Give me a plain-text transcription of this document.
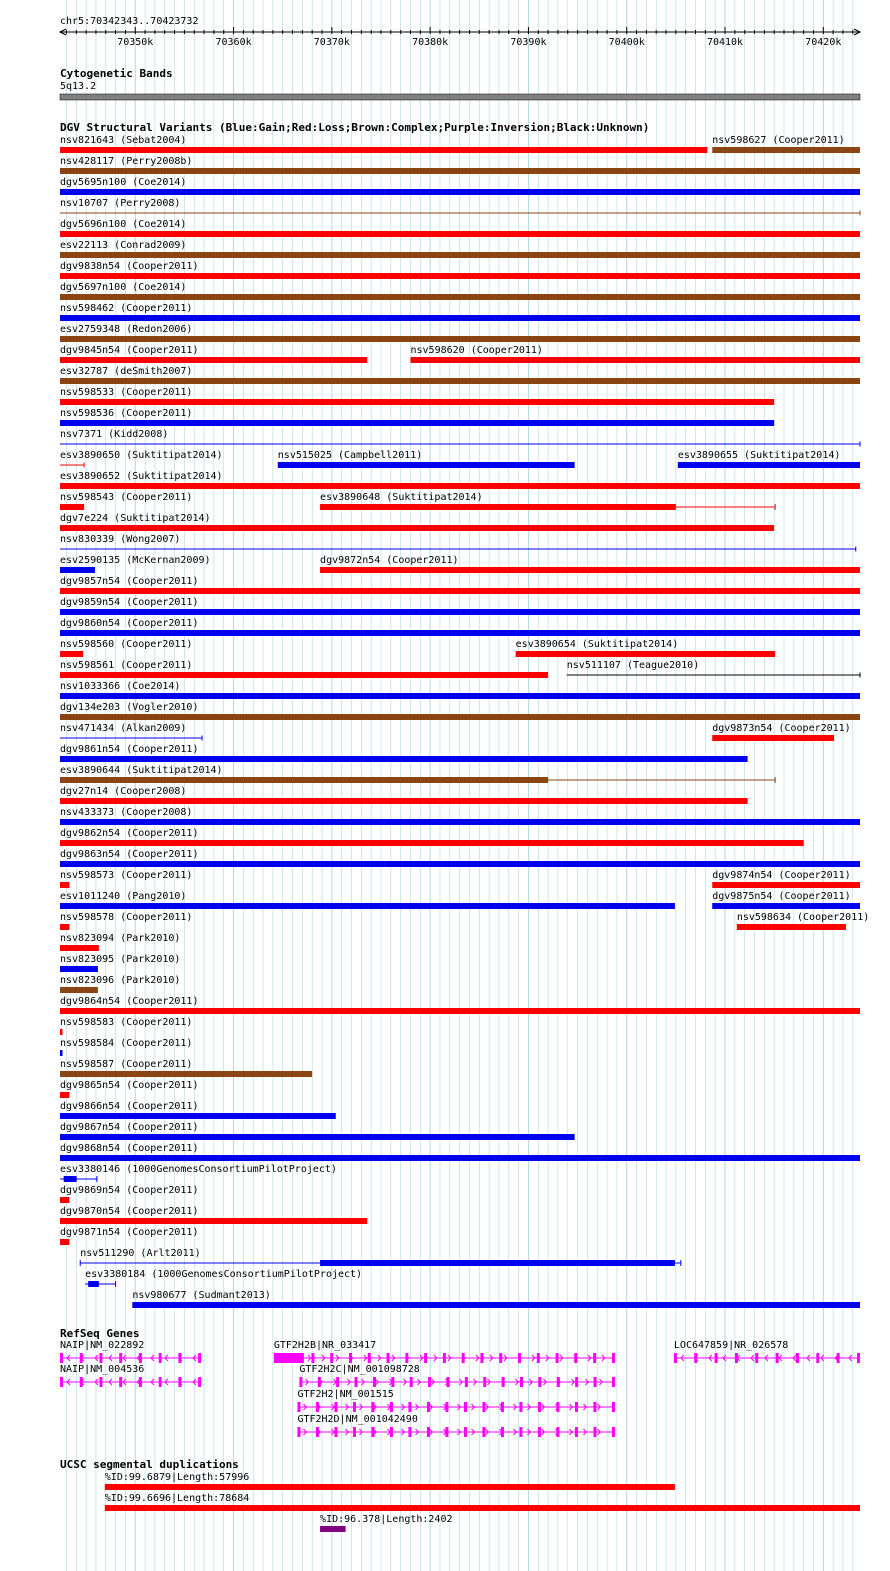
chr5:70342343..70423732
70350k	70360k	70370k	70380k	70390k	70400k	70410k	70420k
Cytogenetic Bands
5q13.2
DGV Structural Variants (Blue:Gain;Red:Loss;Brown:Complex;Purple:Inversion;Black:Unknown)
nsv821643 (Sebat2004)	nsv598627 (Cooper2011)
nsv428117 (Perry2008b)
dgv5695n100 (Coe2014)
nsv10707 (Perry2008)
dgv5696n100 (Coe2014)
esv22113 (Conrad2009)
dgv9838n54 (Cooper2011)
dgv5697n100 (Coe2014)
nsv598462 (Cooper2011)
esv2759348 (Redon2006)
dgv9845n54 (Cooper2011)	nsv598620 (Cooper2011)
esv32787 (deSmith2007)
nsv598533 (Cooper2011)
nsv598536 (Cooper2011)
nsv7371 (Kidd2008)
esv3890650 (Suktitipat2014)	nsv515025 (Campbell2011)	esv3890655 (Suktitipat2014)
esv3890652 (Suktitipat2014)
nsv598543 (Cooper2011)	esv3890648 (Suktitipat2014)
dgv7e224 (Suktitipat2014)
nsv830339 (Wong2007)
esv2590135 (McKernan2009)	dgv9872n54 (Cooper2011)
dgv9857n54 (Cooper2011)
dgv9859n54 (Cooper2011)
dgv9860n54 (Cooper2011)
nsv598560 (Cooper2011)	esv3890654 (Suktitipat2014)
nsv598561 (Cooper2011)	nsv511107 (Teague2010)
nsv1033366 (Coe2014)
dgv134e203 (Vogler2010)
nsv471434 (Alkan2009)	dgv9873n54 (Cooper2011)
dgv9861n54 (Cooper2011)
esv3890644 (Suktitipat2014)
dgv27n14 (Cooper2008)
nsv433373 (Cooper2008)
dgv9862n54 (Cooper2011)
dgv9863n54 (Cooper2011)
nsv598573 (Cooper2011)	dgv9874n54 (Cooper2011)
esv1011240 (Pang2010)	dgv9875n54 (Cooper2011)
nsv598578 (Cooper2011)	nsv598634 (Cooper2011)
nsv823094 (Park2010)
nsv823095 (Park2010)
nsv823096 (Park2010)
dgv9864n54 (Cooper2011)
nsv598583 (Cooper2011)
nsv598584 (Cooper2011)
nsv598587 (Cooper2011)
dgv9865n54 (Cooper2011)
dgv9866n54 (Cooper2011)
dgv9867n54 (Cooper2011)
dgv9868n54 (Cooper2011)
esv3380146 (1000GenomesConsortiumPilotProject)
dgv9869n54 (Cooper2011)
dgv9870n54 (Cooper2011)
dgv9871n54 (Cooper2011)
nsv511290 (Arlt2011)
esv3380184 (1000GenomesConsortiumPilotProject)
nsv980677 (Sudmant2013)
RefSeq Genes
NAIP|NM_022892	GTF2H2B|NR_033417	LOC647859|NR_026578
NAIP|NM_004536	GTF2H2C|NM_001098728
GTF2H2|NM_001515
GTF2H2D|NM_001042490
UCSC segmental duplications
%ID:99.6879|Length:57996
%ID:99.6696|Length:78684
%ID:96.378|Length:2402
